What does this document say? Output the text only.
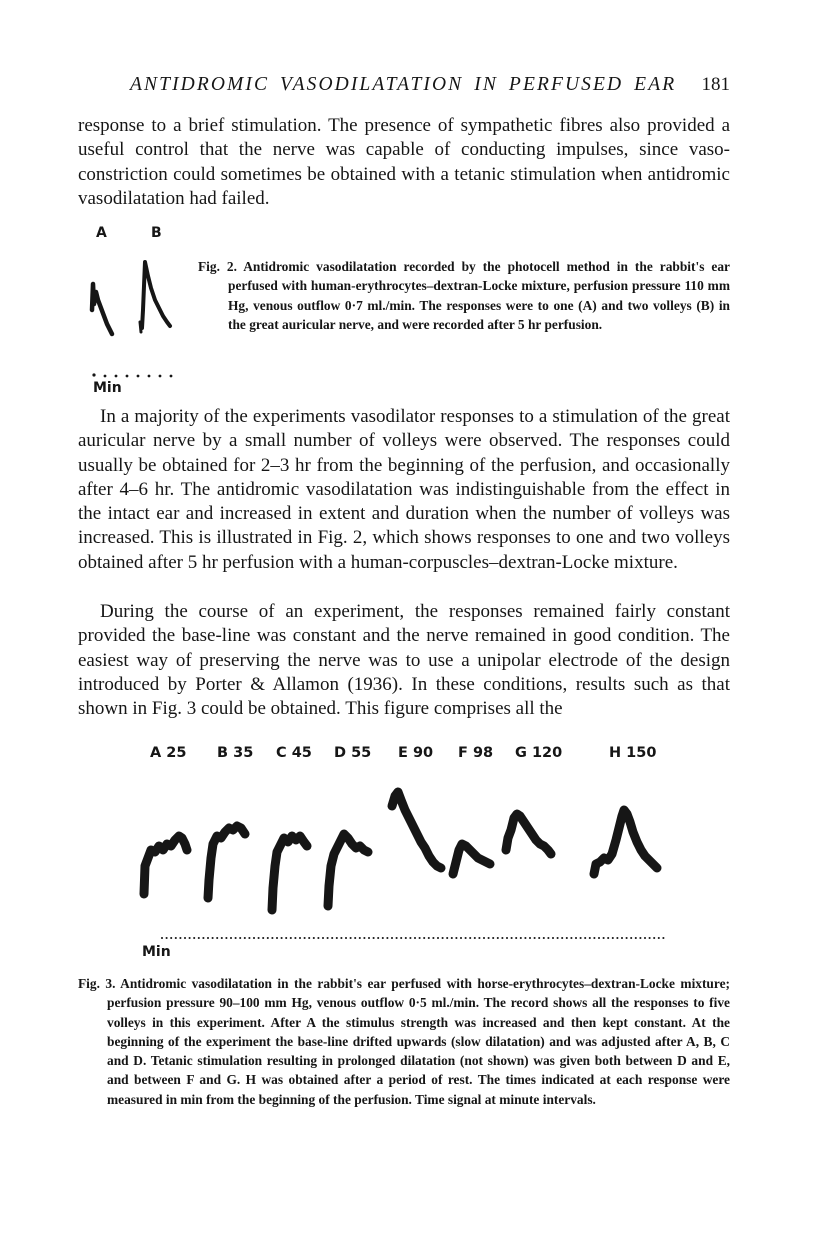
ANTIDROMIC VASODILATATION IN PERFUSED EAR 181

response to a brief stimulation. The presence of sympathetic fibres also provided a useful control that the nerve was capable of conducting impulses, since vaso-constriction could sometimes be obtained with a tetanic stimulation when antidromic vasodilatation had failed.

A	B
Min

Fig. 2. Antidromic vasodilatation recorded by the photocell method in the rabbit's ear perfused with human-erythrocytes–dextran-Locke mixture, perfusion pressure 110 mm Hg, venous outflow 0·7 ml./min. The responses were to one (A) and two volleys (B) in the great auricular nerve, and were recorded after 5 hr perfusion.

In a majority of the experiments vasodilator responses to a stimulation of the great auricular nerve by a small number of volleys were observed. The responses could usually be obtained for 2–3 hr from the beginning of the perfusion, and occasionally after 4–6 hr. The antidromic vasodilatation was indistinguishable from the effect in the intact ear and increased in extent and duration when the number of volleys was increased. This is illustrated in Fig. 2, which shows responses to one and two volleys obtained after 5 hr perfusion with a human-corpuscles–dextran-Locke mixture.

During the course of an experiment, the responses remained fairly constant provided the base-line was constant and the nerve remained in good condition. The easiest way of preserving the nerve was to use a unipolar electrode of the design introduced by Porter & Allamon (1936). In these conditions, results such as that shown in Fig. 3 could be obtained. This figure comprises all the

A 25 B 35 C 45 D 55 E 90 F 98 G 120	H 150
Min

Fig. 3. Antidromic vasodilatation in the rabbit's ear perfused with horse-erythrocytes–dextran-Locke mixture; perfusion pressure 90–100 mm Hg, venous outflow 0·5 ml./min. The record shows all the responses to five volleys in this experiment. After A the stimulus strength was increased and then kept constant. At the beginning of the experiment the base-line drifted upwards (slow dilatation) and was adjusted after A, B, C and D. Tetanic stimulation resulting in prolonged dilatation (not shown) was given both between D and E, and between F and G. H was obtained after a period of rest. The times indicated at each response were measured in min from the beginning of the perfusion. Time signal at minute intervals.
